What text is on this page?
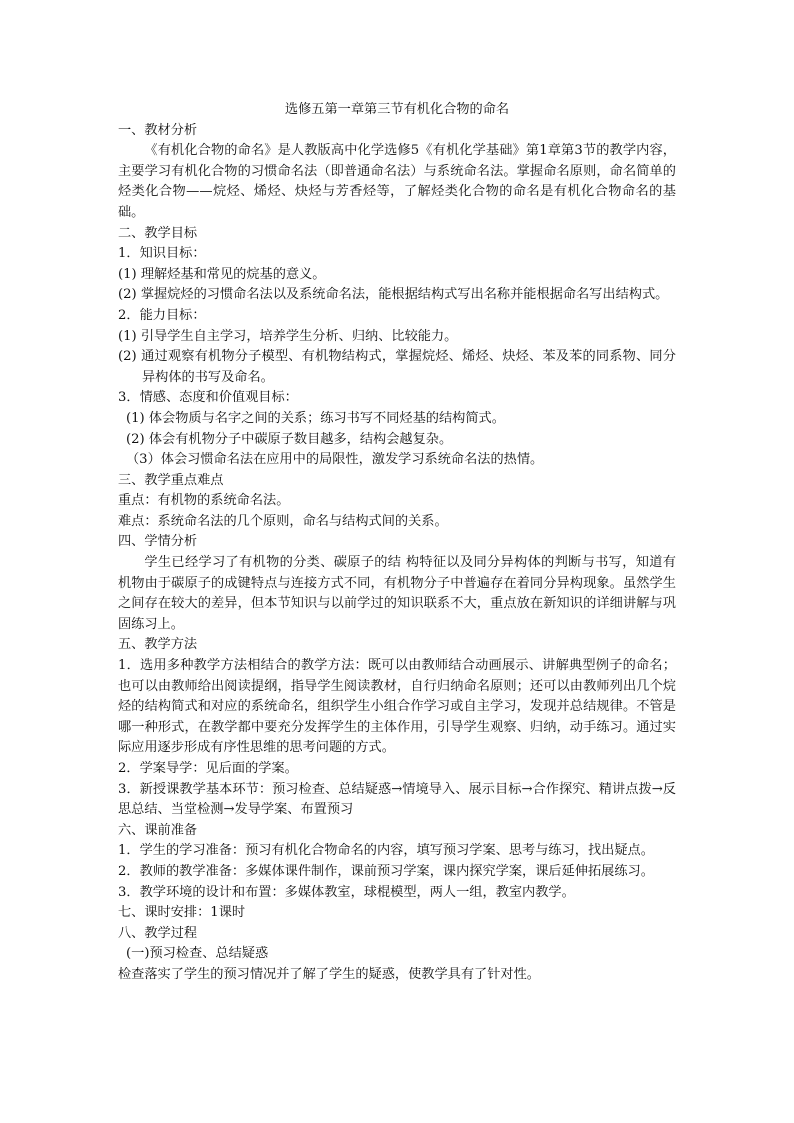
选修五第一章第三节有机化合物的命名

一、教材分析

《有机化合物的命名》是人教版高中化学选修5《有机化学基础》第1章第3节的教学内容，主要学习有机化合物的习惯命名法（即普通命名法）与系统命名法。掌握命名原则，命名简单的烃类化合物——烷烃、烯烃、炔烃与芳香烃等，了解烃类化合物的命名是有机化合物命名的基础。

二、教学目标

1．知识目标：

(1) 理解烃基和常见的烷基的意义。

(2) 掌握烷烃的习惯命名法以及系统命名法，能根据结构式写出名称并能根据命名写出结构式。

2．能力目标：

(1) 引导学生自主学习，培养学生分析、归纳、比较能力。

(2) 通过观察有机物分子模型、有机物结构式，掌握烷烃、烯烃、炔烃、苯及苯的同系物、同分异构体的书写及命名。

3．情感、态度和价值观目标：

(1) 体会物质与名字之间的关系；练习书写不同烃基的结构简式。

(2) 体会有机物分子中碳原子数目越多，结构会越复杂。

（3）体会习惯命名法在应用中的局限性，激发学习系统命名法的热情。

三、教学重点难点

重点：有机物的系统命名法。

难点：系统命名法的几个原则，命名与结构式间的关系。

四、学情分析

学生已经学习了有机物的分类、碳原子的结 构特征以及同分异构体的判断与书写，知道有机物由于碳原子的成键特点与连接方式不同，有机物分子中普遍存在着同分异构现象。虽然学生之间存在较大的差异，但本节知识与以前学过的知识联系不大，重点放在新知识的详细讲解与巩固练习上。

五、教学方法

1．选用多种教学方法相结合的教学方法：既可以由教师结合动画展示、讲解典型例子的命名；也可以由教师给出阅读提纲，指导学生阅读教材，自行归纳命名原则；还可以由教师列出几个烷烃的结构简式和对应的系统命名，组织学生小组合作学习或自主学习，发现并总结规律。不管是哪一种形式，在教学都中要充分发挥学生的主体作用，引导学生观察、归纳，动手练习。通过实际应用逐步形成有序性思维的思考问题的方式。

2．学案导学：见后面的学案。

3．新授课教学基本环节：预习检查、总结疑惑→情境导入、展示目标→合作探究、精讲点拨→反思总结、当堂检测→发导学案、布置预习

六、课前准备

1．学生的学习准备：预习有机化合物命名的内容，填写预习学案、思考与练习，找出疑点。

2．教师的教学准备：多媒体课件制作，课前预习学案，课内探究学案，课后延伸拓展练习。

3．教学环境的设计和布置：多媒体教室，球棍模型，两人一组，教室内教学。

七、课时安排：1课时

八、教学过程

(一)预习检查、总结疑惑

检查落实了学生的预习情况并了解了学生的疑惑，使教学具有了针对性。
